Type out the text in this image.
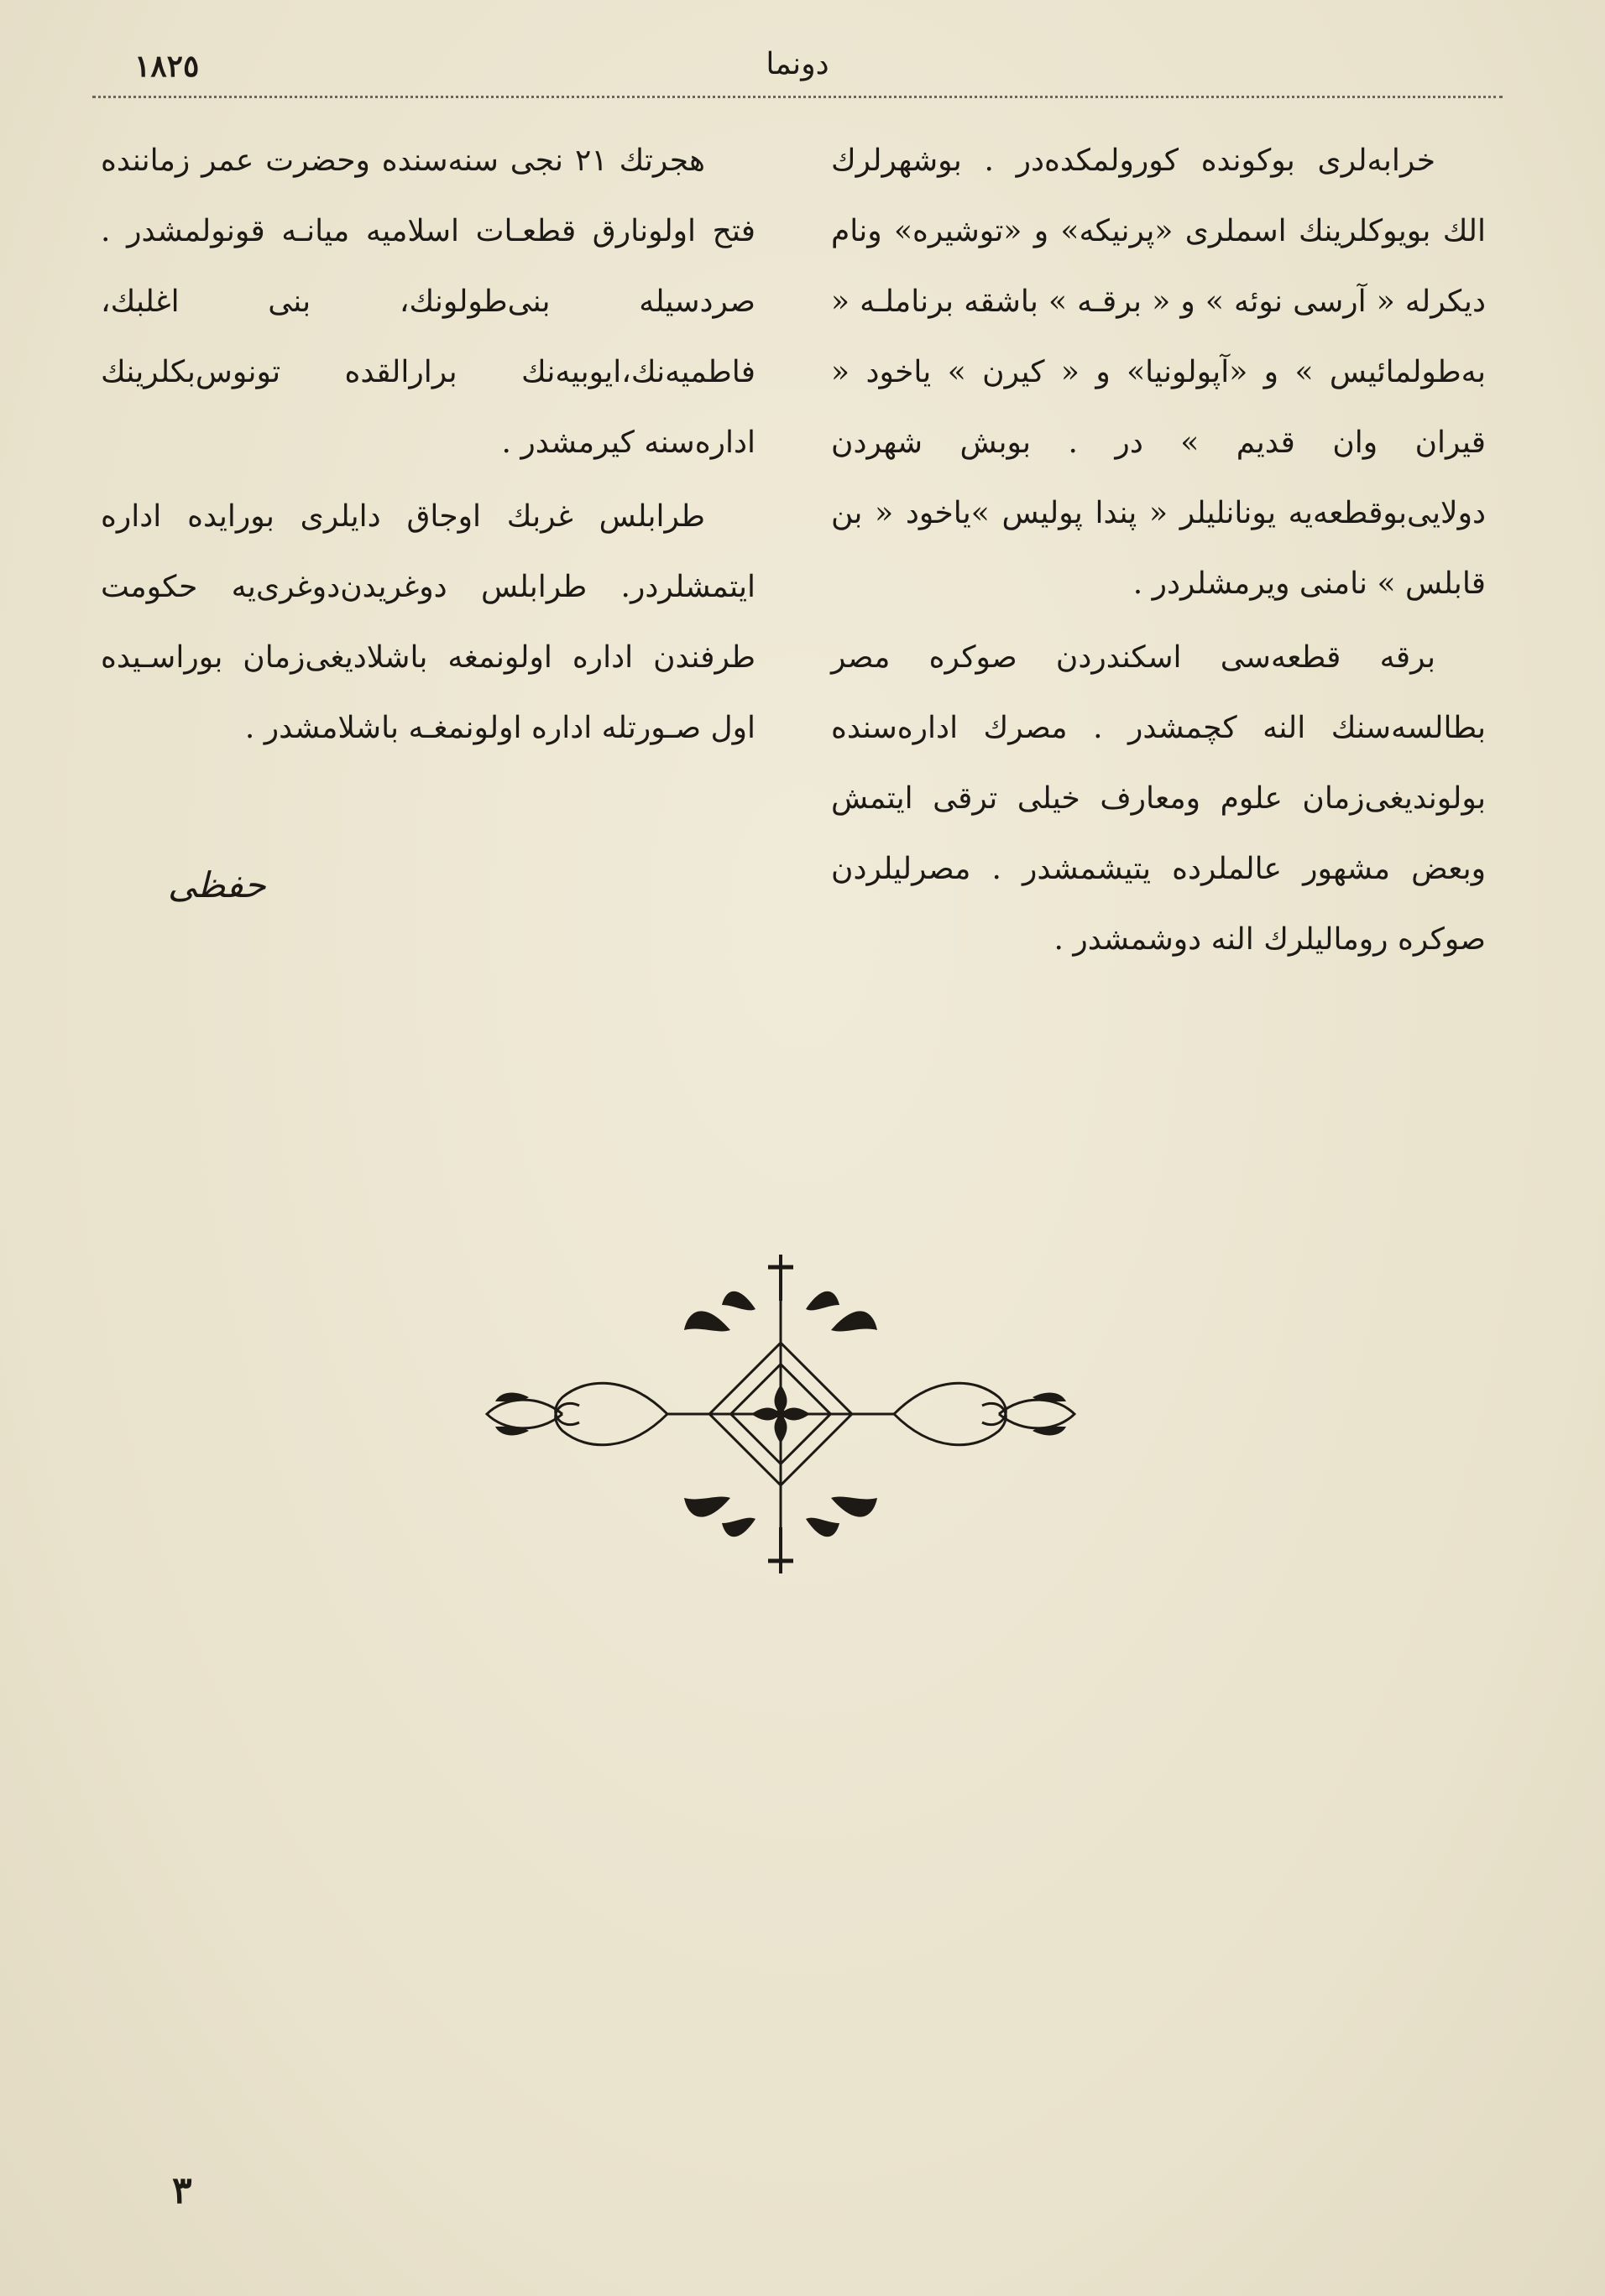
١٨٢٥	دونما

خرابه‌لری بوکونده کورولمکده‌در . بوشهرلرك الك بويوكلرينك اسملری «پرنيكه» و «توشيره» ونام ديكرله « آرسی نوئه » و « برقـه » باشقه برناملـه « به‌طولمائيس » و «آپولونيا» و « كيرن » ياخود « قيران وان قديم » در . بوبش شهردن دولايی‌بوقطعه‌يه يونانليلر « پندا پوليس »ياخود « بن قابلس » نامنی ويرمشلردر .

برقه قطعه‌سی اسكندردن صوكره مصر بطالسه‌سنك النه كچمشدر . مصرك اداره‌سنده بولونديغی‌زمان علوم ومعارف خيلی ترقی ايتمش وبعض مشهور عالملرده يتيشمشدر . مصرليلردن صوكره روماليلرك النه دوشمشدر .

هجرتك ٢١ نجی سنه‌سنده وحضرت عمر زماننده فتح اولونارق قطعـات اسلاميه ميانـه قونولمشدر . صردسيله بنی‌طولونك، بنی اغلبك، فاطميه‌نك،ايوبيه‌نك برارالقده تونوس‌بكلرينك اداره‌سنه كيرمشدر .

طرابلس غربك اوجاق دايلری بورايده اداره ايتمشلردر. طرابلس دوغريدن‌دوغری‌يه حكومت طرفندن اداره اولونمغه باشلاديغی‌زمان بوراسـيده اول صـورتله اداره اولونمغـه باشلامشدر .

حفظی
٣
